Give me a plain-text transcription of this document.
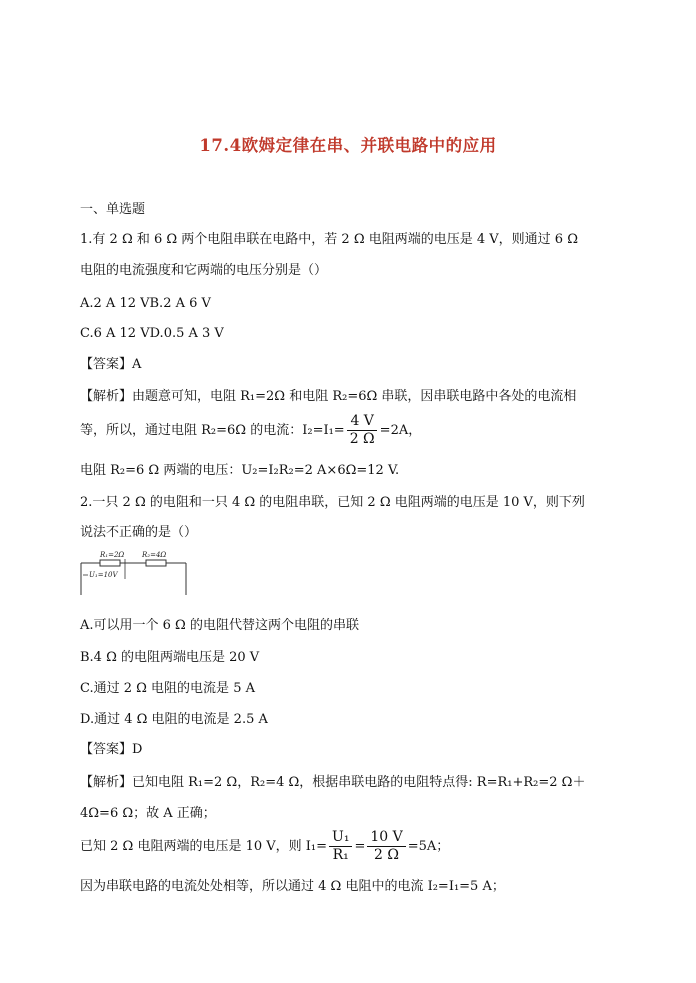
17.4欧姆定律在串、并联电路中的应用
一、单选题
1.有 2 Ω 和 6 Ω 两个电阻串联在电路中，若 2 Ω 电阻两端的电压是 4 V，则通过 6 Ω
电阻的电流强度和它两端的电压分别是（）
A.2 A 12 VB.2 A 6 V
C.6 A 12 VD.0.5 A 3 V
【答案】A
【解析】由题意可知，电阻 R₁=2Ω 和电阻 R₂=6Ω 串联，因串联电路中各处的电流相
等，所以，通过电阻 R₂=6Ω 的电流： $I_2=I_1= \frac{4 V}{2 \Omega} =2A$，
电阻 R₂=6 Ω 两端的电压：U₂=I₂R₂=2 A×6Ω=12 V.
2.一只 2 Ω 的电阻和一只 4 Ω 的电阻串联，已知 2 Ω 电阻两端的电压是 10 V，则下列
说法不正确的是（）
R₁=2Ω	R₂=4Ω
U₁=10V
A.可以用一个 6 Ω 的电阻代替这两个电阻的串联
B.4 Ω 的电阻两端电压是 20 V
C.通过 2 Ω 电阻的电流是 5 A
D.通过 4 Ω 电阻的电流是 2.5 A
【答案】D
【解析】已知电阻 R₁=2 Ω，R₂=4 Ω，根据串联电路的电阻特点得: R=R₁+R₂=2 Ω＋
4Ω=6 Ω；故 A 正确；
已知 2 Ω 电阻两端的电压是 10 V，则 $I_1= \frac{\text{U₁}}{\text{R₁}} = \frac{10 V}{2 \Omega} =5A$；
因为串联电路的电流处处相等，所以通过 4 Ω 电阻中的电流 I₂=I₁=5 A；
